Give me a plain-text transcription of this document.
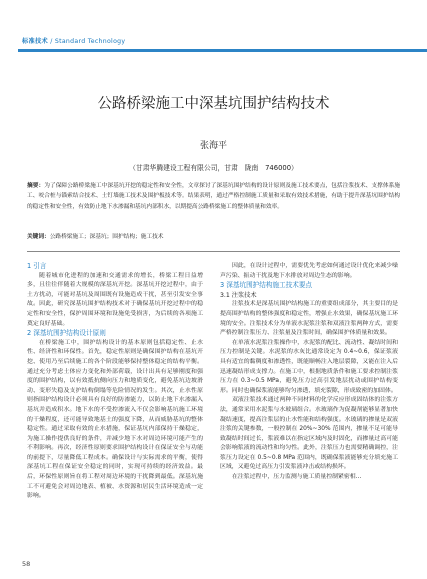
标准技术 / Standard Technology
公路桥梁施工中深基坑围护结构技术
张海平
（甘肃华腾建设工程有限公司，甘肃　陇南　746000）
摘要：为了保障公路桥梁施工中深基坑开挖的稳定性和安全性，文章探讨了深基坑围护结构的设计原则及施工技术要点，包括注浆技术、支撑体系施工、咬合桩与锚索结合技术、土钉墙施工技术及围护板技术等。结果表明，通过严格控制施工质量和采取有效技术措施，有助于提升深基坑围护结构的稳定性和安全性，有效防止地下水渗漏和基坑内部积水，以期提高公路桥梁施工的整体质量和效率。
关键词：公路桥梁施工；深基坑；围护结构；施工技术

1 引言

随着城市化进程的加速和交通需求的增长，桥梁工程日益增多，且往往伴随着大规模的深基坑开挖。深基坑开挖过程中，由于土方扰动，可能对基坑及周围既有设施造成干扰，甚至引发安全事故。因此，研究深基坑围护结构技术对于确保基坑开挖过程中的稳定性和安全性，保护周围环境和设施免受损害，为后续的各项施工奠定良好基础。

2 深基坑围护结构设计原则

在桥梁施工中，围护结构设计的基本原则包括稳定性、止水性、经济性和环保性。首先，稳定性原则是确保围护结构在基坑开挖、使用乃至后续施工的各个阶段能够保持整体稳定的结构平衡。通过充分考虑土体应力变化和外部荷载，设计出具有足够刚度和强度的围护结构，以有效抵抗侧向压力和地质变化，避免基坑边坡滑动、变形失稳及支护结构倒塌等危险情况的发生。其次，止水性原则指围护结构设计必须具有良好的防渗能力，以防止地下水渗漏入基坑并造成积水。地下水的不受控渗流入不仅会影响基坑施工环境的干燥程度，还可能导致地基土的强度下降，从而威胁基坑的整体稳定性。通过采取有效的止水措施，保证基坑内部保持干燥稳定，为施工操作提供良好的条件，并减少地下水对周边环境可能产生的不利影响。再次，经济性原则要求围护结构设计在保证安全与功能的前提下，尽量降低工程成本。确保设计与实际需求的平衡，使得深基坑工程在保证安全稳定的同时，实现可持续的经济效益。最后，环保性原则旨在将工程对周边环境的干扰降到最低。深基坑施工不可避免会对周边地表、植被、水资源和居民生活环境造成一定影响。

因此，在设计过程中，需要优先考虑如何通过设计优化来减少噪声污染、振动干扰及地下水排放对周边生态的影响。

3 深基坑围护结构施工技术要点

3.1 注浆技术

注浆技术是深基坑围护结构施工的重要组成部分，其主要目的是提高围护结构的整体强度和稳定性，增强止水效果，确保基坑施工环境的安全。注浆技术分为单液水泥浆注浆和双液注浆两种方式，需要严格控制注浆压力、注浆量及注浆时间，确保围护体质量和效果。

在单液水泥浆注浆操作中，水泥浆的配比、流动性、凝结时间和压力控制是关键。水泥浆的水灰比通常设定为 0.4~0.6，保证浆液具有适宜的黏稠度和渗透性，既能顺畅注入地层裂隙，又能在注入后迅速凝结形成支撑力。在施工中，根据地质条件和施工要求控制注浆压力在 0.3~0.5 MPa，避免压力过高引发地层扰动或围护结构变形。同时也确保浆液能够均匀渗透，填充裂隙，形成致密的加固体。

双液注浆技术通过两种不同材料的化学反应形成固结体的注浆方法，通常采用水泥浆与水玻璃组合。水玻璃作为促凝剂能够显著加快凝结速度，提高注浆层的止水性能和结构强度。水玻璃的掺量是双液注浆的关键参数，一般控制在 20%~30% 范围内，掺量不足可能导致凝结时间过长，浆液难以在指定区域内及时固化，而掺量过高可能会影响浆液的流动性和均匀性。此外，注浆压力也需要精确调控，注浆压力设定在 0.5~0.8 MPa 范围内，既确保浆液能够充分填充施工区域，又避免过高压力引发浆液冲击或结构损坏。

在注浆过程中，压力监测与施工质量控制紧密相...

58
